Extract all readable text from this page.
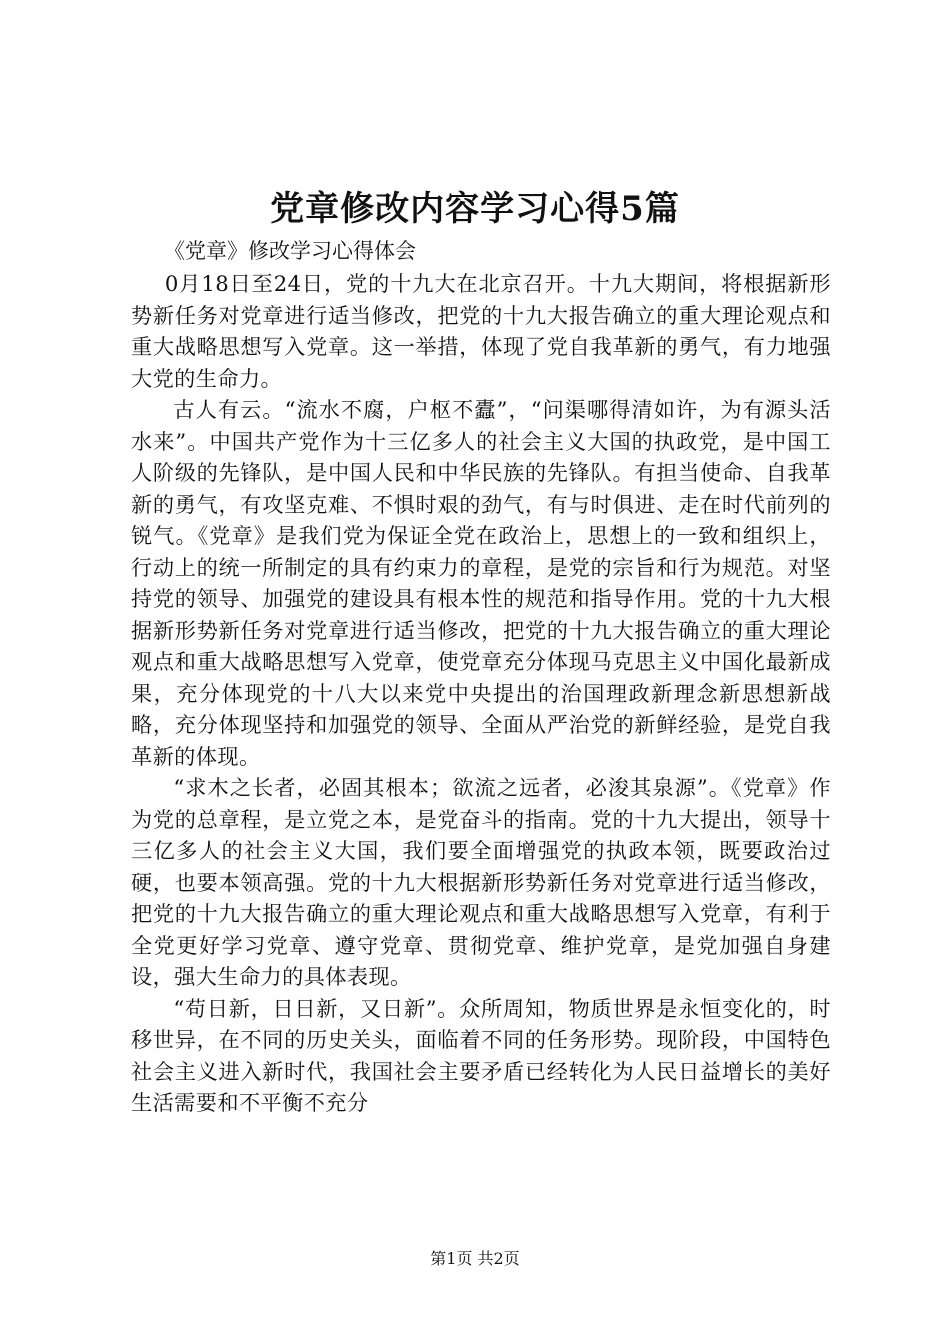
党章修改内容学习心得5篇

《党章》修改学习心得体会

0月18日至24日，党的十九大在北京召开。十九大期间，将根据新形势新任务对党章进行适当修改，把党的十九大报告确立的重大理论观点和重大战略思想写入党章。这一举措，体现了党自我革新的勇气，有力地强大党的生命力。

古人有云。“流水不腐，户枢不蠹”，“问渠哪得清如许，为有源头活水来”。中国共产党作为十三亿多人的社会主义大国的执政党，是中国工人阶级的先锋队，是中国人民和中华民族的先锋队。有担当使命、自我革新的勇气，有攻坚克难、不惧时艰的劲气，有与时俱进、走在时代前列的锐气。《党章》是我们党为保证全党在政治上，思想上的一致和组织上，行动上的统一所制定的具有约束力的章程，是党的宗旨和行为规范。对坚持党的领导、加强党的建设具有根本性的规范和指导作用。党的十九大根据新形势新任务对党章进行适当修改，把党的十九大报告确立的重大理论观点和重大战略思想写入党章，使党章充分体现马克思主义中国化最新成果，充分体现党的十八大以来党中央提出的治国理政新理念新思想新战略，充分体现坚持和加强党的领导、全面从严治党的新鲜经验，是党自我革新的体现。

“求木之长者，必固其根本；欲流之远者，必浚其泉源”。《党章》作为党的总章程，是立党之本，是党奋斗的指南。党的十九大提出，领导十三亿多人的社会主义大国，我们要全面增强党的执政本领，既要政治过硬，也要本领高强。党的十九大根据新形势新任务对党章进行适当修改，把党的十九大报告确立的重大理论观点和重大战略思想写入党章，有利于全党更好学习党章、遵守党章、贯彻党章、维护党章，是党加强自身建设，强大生命力的具体表现。

“苟日新，日日新，又日新”。众所周知，物质世界是永恒变化的，时移世异，在不同的历史关头，面临着不同的任务形势。现阶段，中国特色社会主义进入新时代，我国社会主要矛盾已经转化为人民日益增长的美好生活需要和不平衡不充分

第1页 共2页
